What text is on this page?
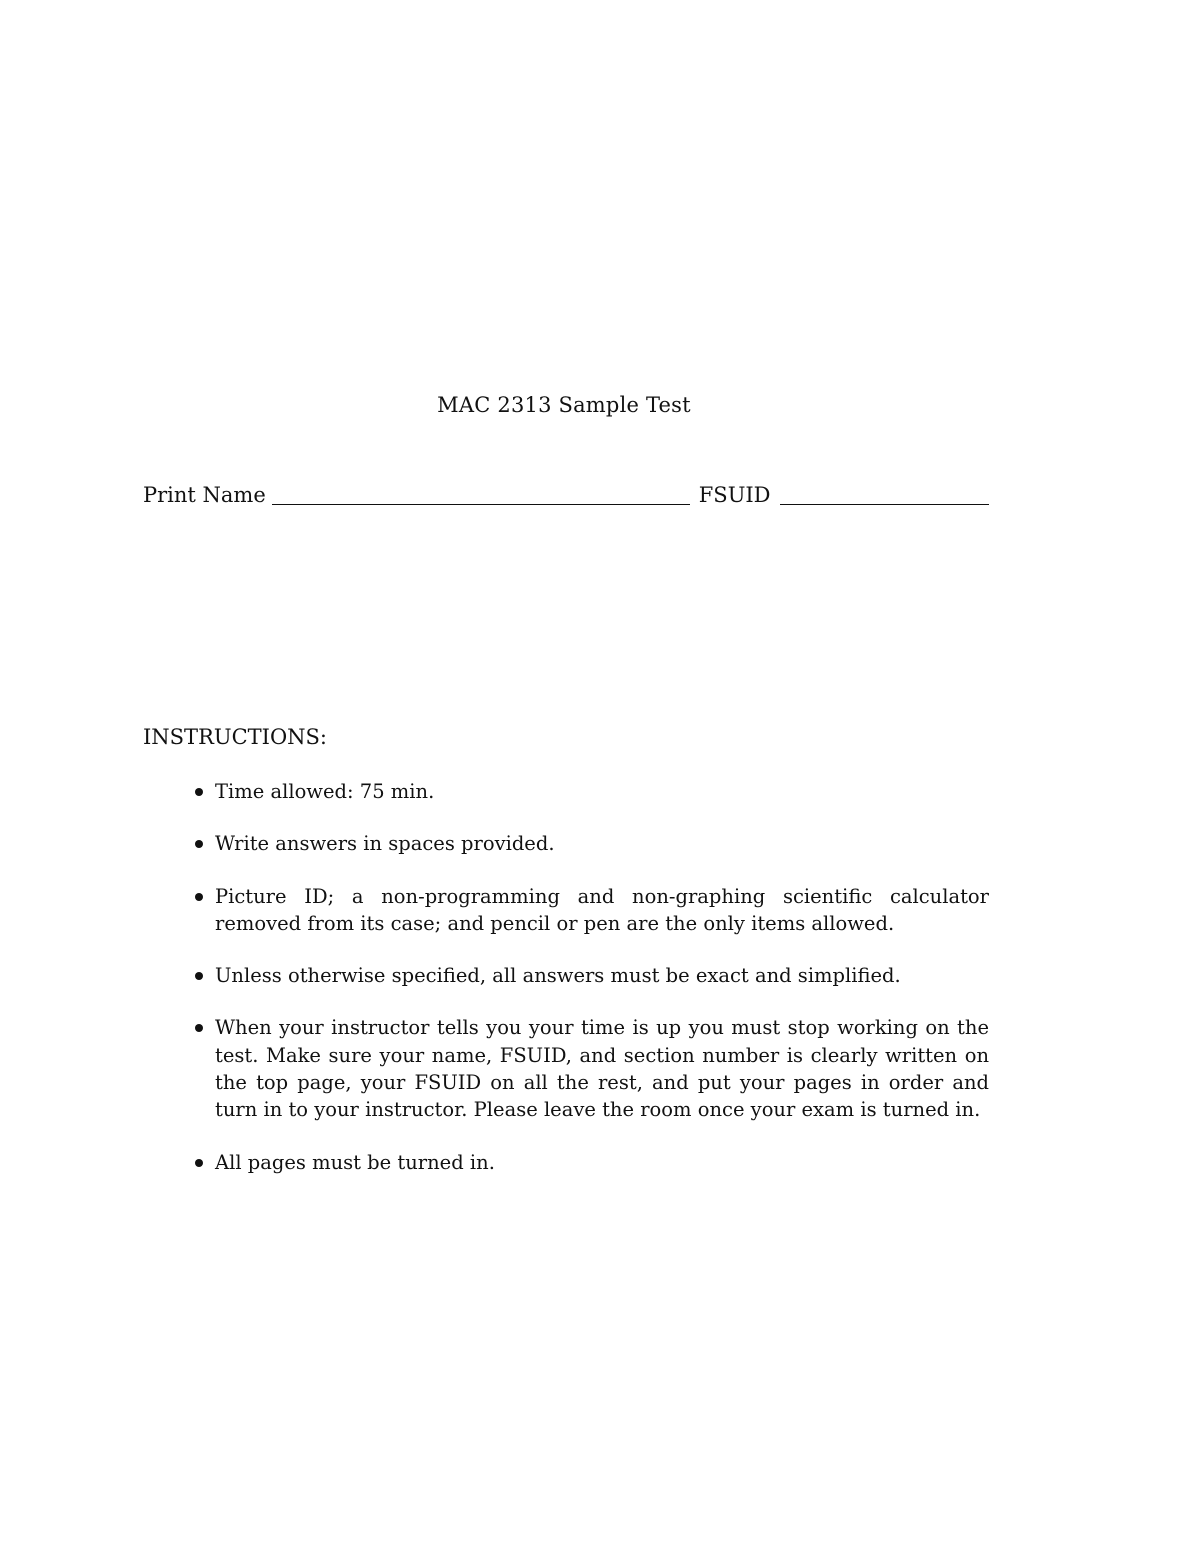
MAC 2313 Sample Test
Print Name	FSUID
INSTRUCTIONS:
Time allowed: 75 min.
Write answers in spaces provided.
Picture ID; a non-programming and non-graphing scientific calculator removed from its case; and pencil or pen are the only items allowed.
Unless otherwise specified, all answers must be exact and simplified.
When your instructor tells you your time is up you must stop working on the test. Make sure your name, FSUID, and section number is clearly written on the top page, your FSUID on all the rest, and put your pages in order and turn in to your instructor. Please leave the room once your exam is turned in.
All pages must be turned in.
